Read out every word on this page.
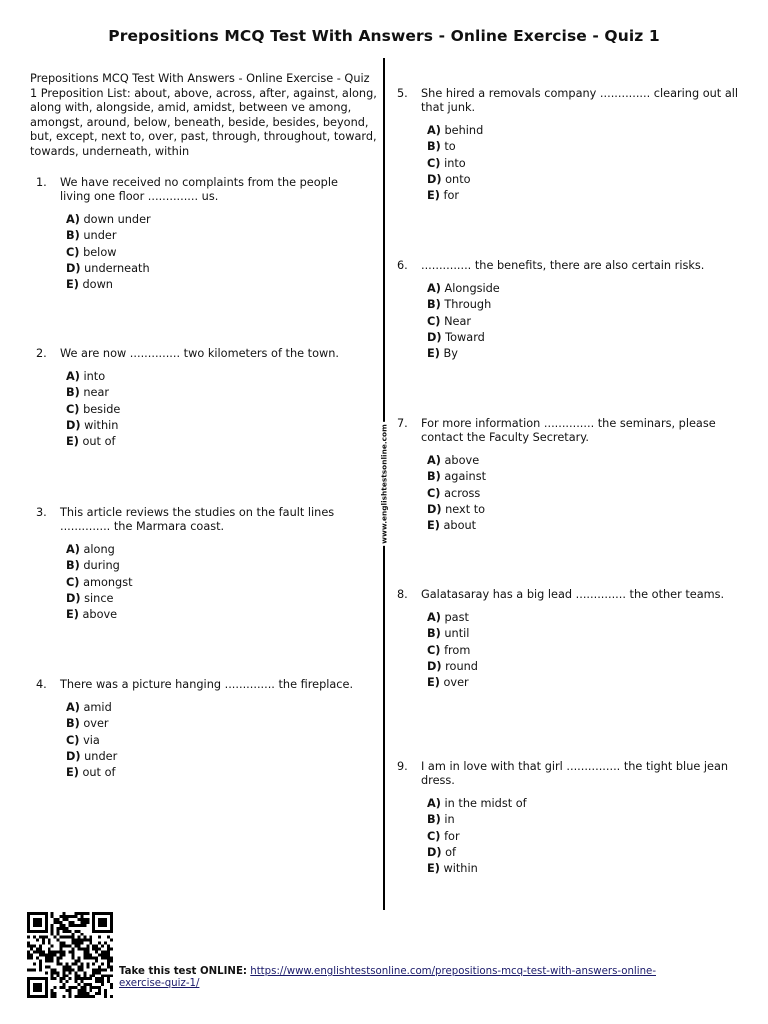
Prepositions MCQ Test With Answers - Online Exercise - Quiz 1
Prepositions MCQ Test With Answers - Online Exercise - Quiz 1 Preposition List: about, above, across, after, against, along, along with, alongside, amid, amidst, between ve among, amongst, around, below, beneath, beside, besides, beyond, but, except, next to, over, past, through, throughout, toward, towards, underneath, within
www.englishtestsonline.com
1.	We have received no complaints from the people living one floor .............. us.
A) down under
B) under
C) below
D) underneath
E) down
2.	We are now .............. two kilometers of the town.
A) into
B) near
C) beside
D) within
E) out of
3.	This article reviews the studies on the fault lines .............. the Marmara coast.
A) along
B) during
C) amongst
D) since
E) above
4.	There was a picture hanging .............. the fireplace.
A) amid
B) over
C) via
D) under
E) out of
5.	She hired a removals company .............. clearing out all that junk.
A) behind
B) to
C) into
D) onto
E) for
6.	.............. the benefits, there are also certain risks.
A) Alongside
B) Through
C) Near
D) Toward
E) By
7.	For more information .............. the seminars, please contact the Faculty Secretary.
A) above
B) against
C) across
D) next to
E) about
8.	Galatasaray has a big lead .............. the other teams.
A) past
B) until
C) from
D) round
E) over
9.	I am in love with that girl ............... the tight blue jean dress.
A) in the midst of
B) in
C) for
D) of
E) within
Take this test ONLINE: https://www.englishtestsonline.com/prepositions-mcq-test-with-answers-online-exercise-quiz-1/
